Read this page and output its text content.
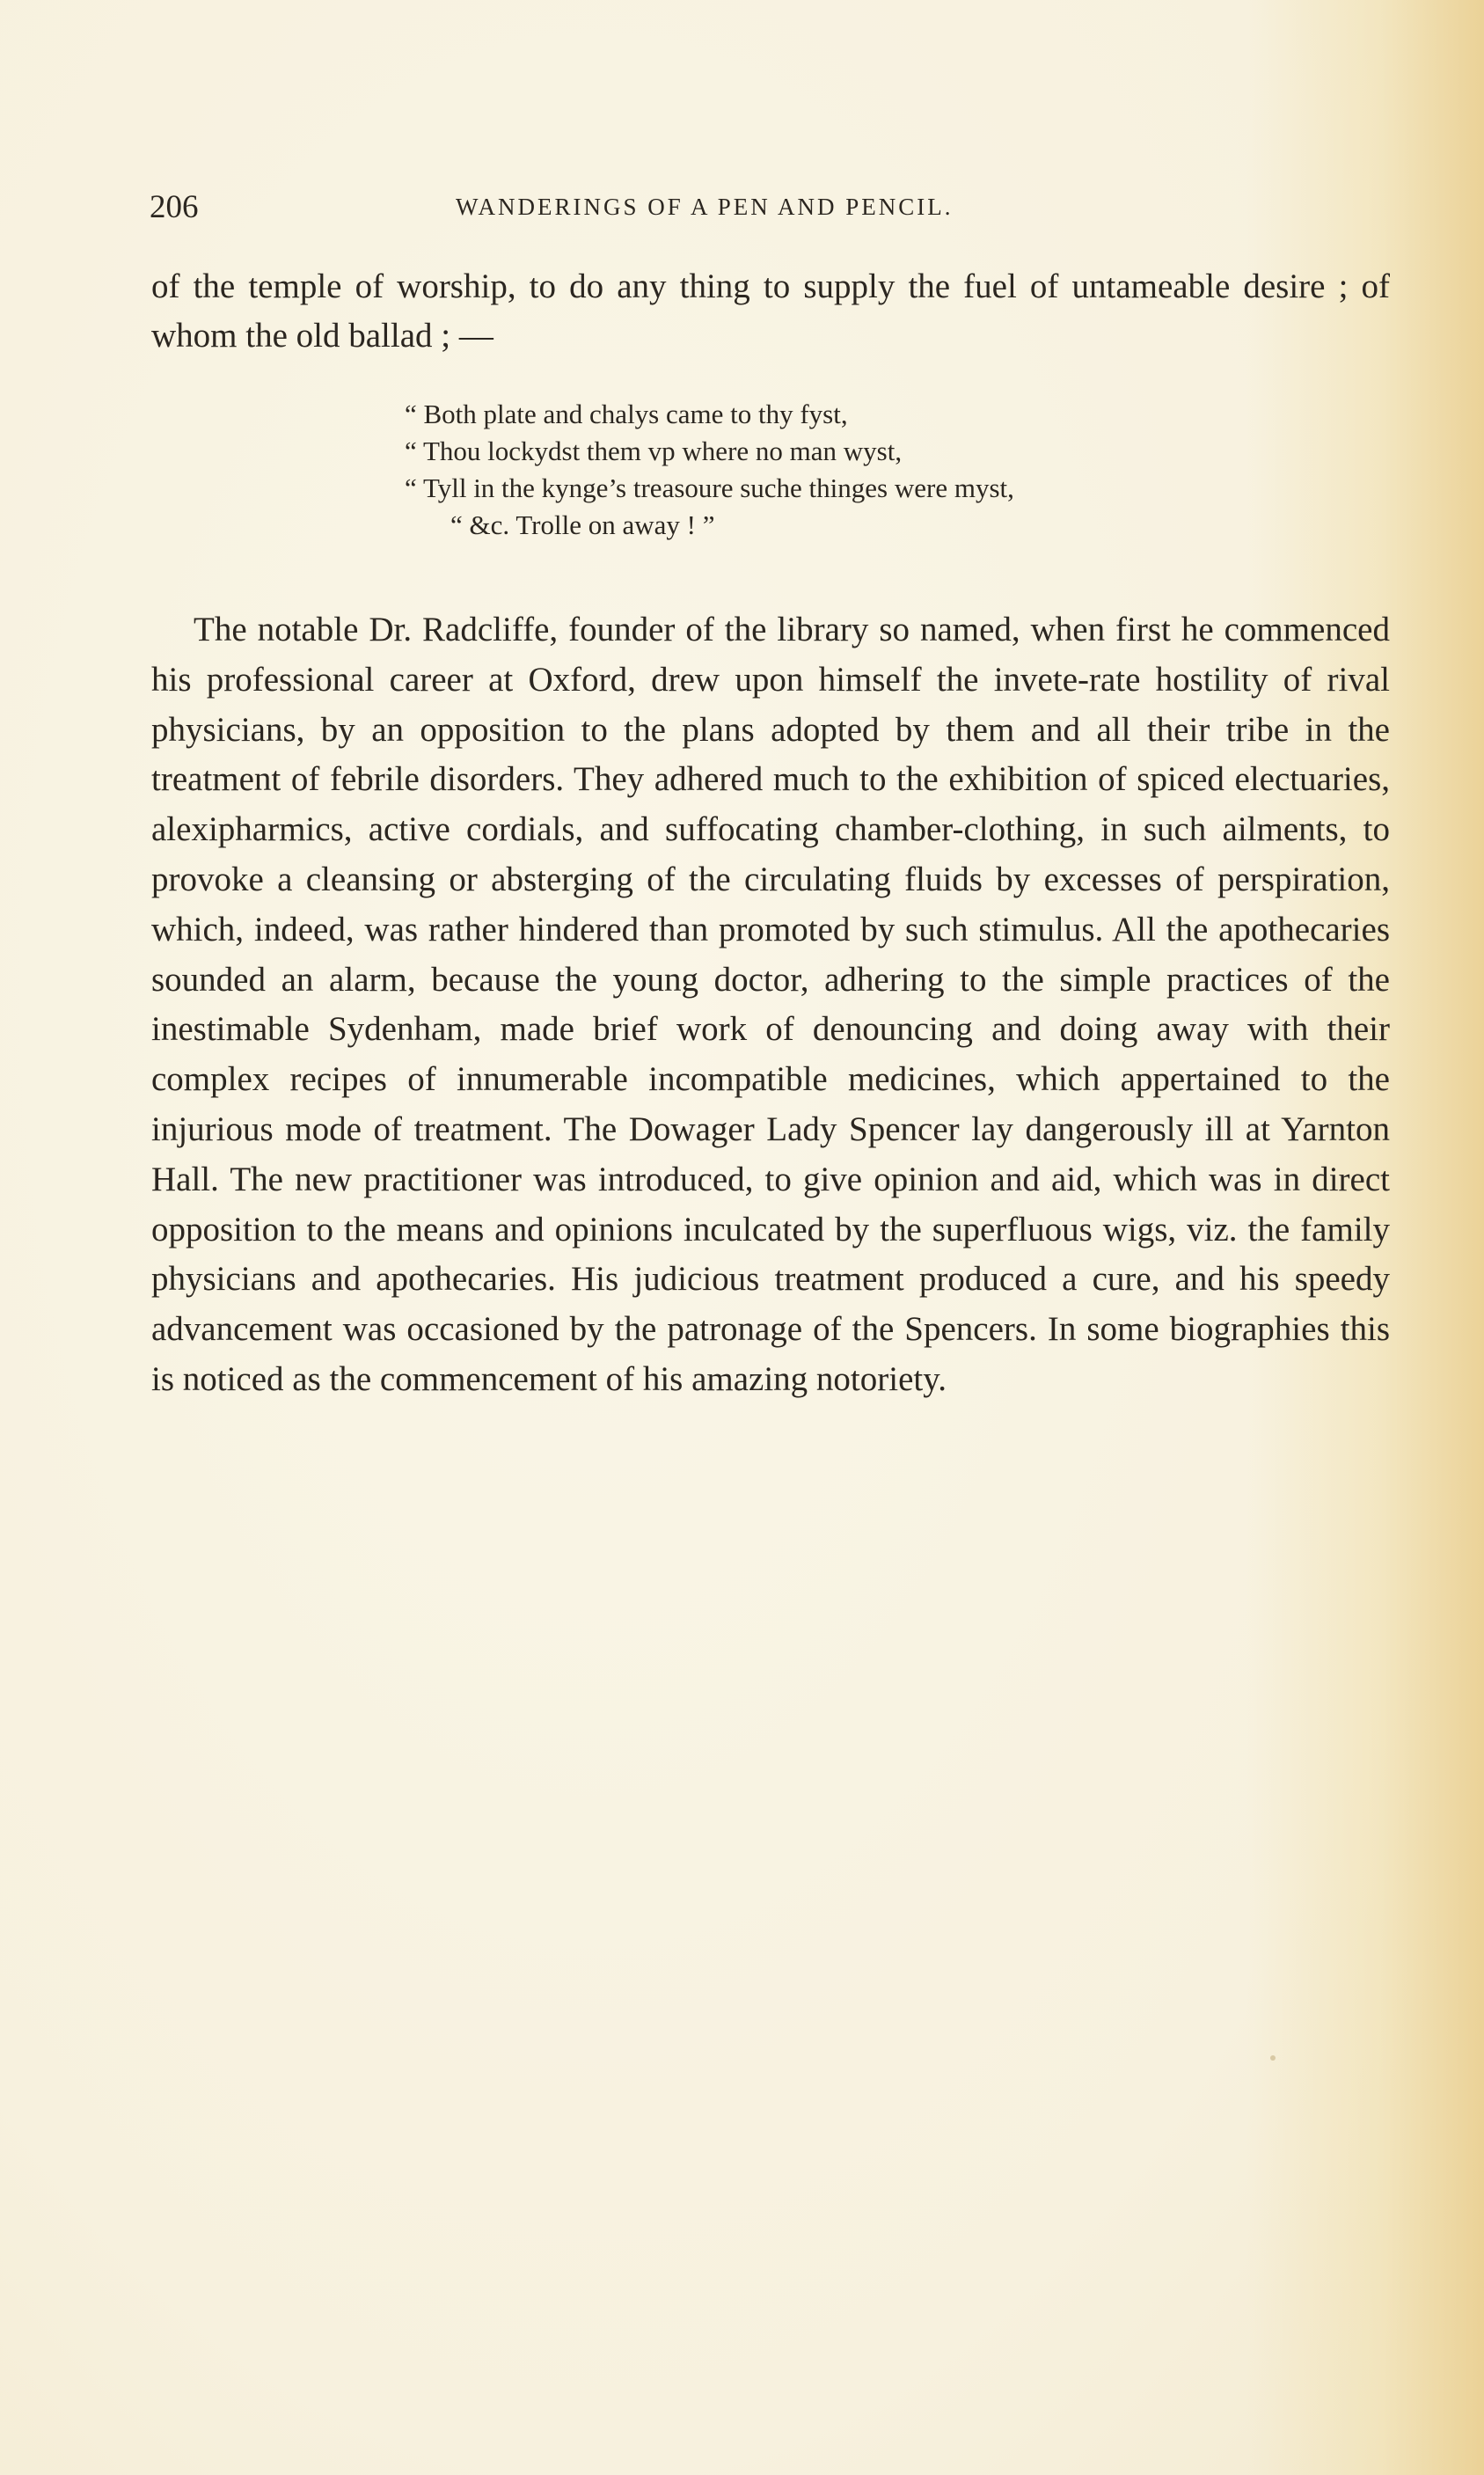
206	WANDERINGS OF A PEN AND PENCIL.

of the temple of worship, to do any thing to supply the fuel of untameable desire ; of whom the old ballad ; —

“ Both plate and chalys came to thy fyst,
“ Thou lockydst them vp where no man wyst,
“ Tyll in the kynge’s treasoure suche thinges were myst,
“ &c. Trolle on away ! ”

The notable Dr. Radcliffe, founder of the library so named, when first he commenced his professional career at Oxford, drew upon himself the invete-rate hostility of rival physicians, by an opposition to the plans adopted by them and all their tribe in the treatment of febrile disorders. They adhered much to the exhibition of spiced electuaries, alexipharmics, active cordials, and suffocating chamber-clothing, in such ailments, to provoke a cleansing or absterging of the circulating fluids by excesses of perspiration, which, indeed, was rather hindered than promoted by such stimulus. All the apothecaries sounded an alarm, because the young doctor, adhering to the simple practices of the inestimable Sydenham, made brief work of denouncing and doing away with their complex recipes of innumerable incompatible medicines, which appertained to the injurious mode of treatment. The Dowager Lady Spencer lay dangerously ill at Yarnton Hall. The new practitioner was introduced, to give opinion and aid, which was in direct opposition to the means and opinions inculcated by the superfluous wigs, viz. the family physicians and apothecaries. His judicious treatment produced a cure, and his speedy advancement was occasioned by the patronage of the Spencers. In some biographies this is noticed as the commencement of his amazing notoriety.
